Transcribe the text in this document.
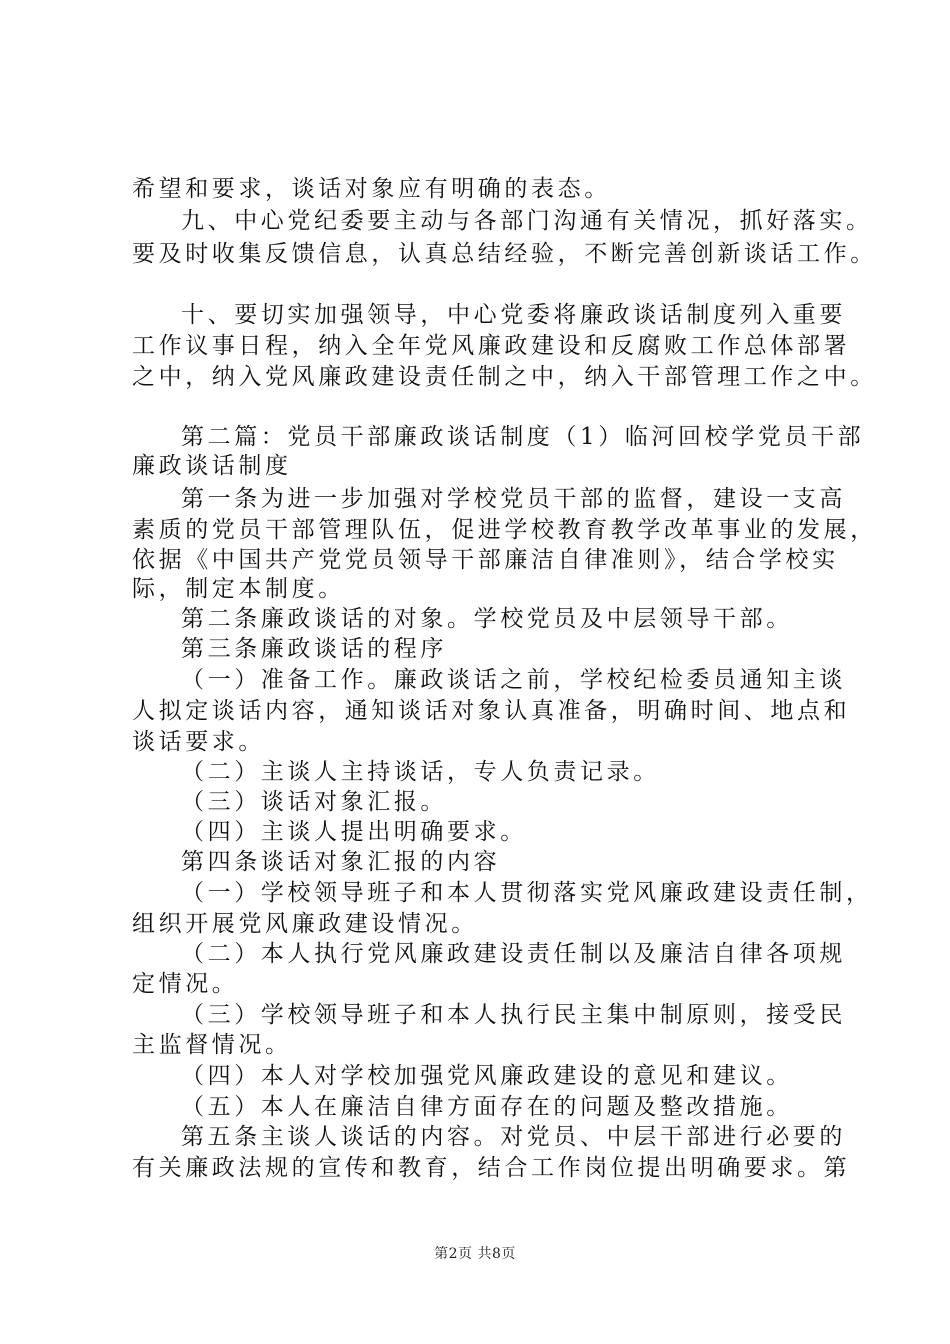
希望和要求，谈话对象应有明确的表态。
九、中心党纪委要主动与各部门沟通有关情况，抓好落实。
要及时收集反馈信息，认真总结经验，不断完善创新谈话工作。
十、要切实加强领导，中心党委将廉政谈话制度列入重要
工作议事日程，纳入全年党风廉政建设和反腐败工作总体部署
之中，纳入党风廉政建设责任制之中，纳入干部管理工作之中。
第二篇：党员干部廉政谈话制度（1）临河回校学党员干部
廉政谈话制度
第一条为进一步加强对学校党员干部的监督，建设一支高
素质的党员干部管理队伍，促进学校教育教学改革事业的发展，
依据《中国共产党党员领导干部廉洁自律准则》，结合学校实
际，制定本制度。
第二条廉政谈话的对象。学校党员及中层领导干部。
第三条廉政谈话的程序
（一）准备工作。廉政谈话之前，学校纪检委员通知主谈
人拟定谈话内容，通知谈话对象认真准备，明确时间、地点和
谈话要求。
（二）主谈人主持谈话，专人负责记录。
（三）谈话对象汇报。
（四）主谈人提出明确要求。
第四条谈话对象汇报的内容
（一）学校领导班子和本人贯彻落实党风廉政建设责任制，
组织开展党风廉政建设情况。
（二）本人执行党风廉政建设责任制以及廉洁自律各项规
定情况。
（三）学校领导班子和本人执行民主集中制原则，接受民
主监督情况。
（四）本人对学校加强党风廉政建设的意见和建议。
（五）本人在廉洁自律方面存在的问题及整改措施。
第五条主谈人谈话的内容。对党员、中层干部进行必要的
有关廉政法规的宣传和教育，结合工作岗位提出明确要求。第
第2页 共8页
